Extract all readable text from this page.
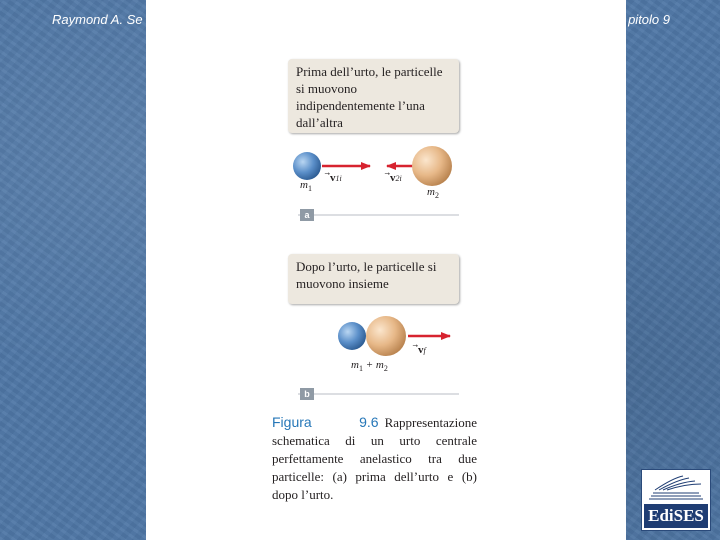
Raymond A. Se	pitolo 9
Prima dell’urto, le particelle si muovono indipendentemente l’una dall’altra
$m_1$
v1i	v2i
$m_2$
a
Dopo l’urto, le particelle si muovono insieme
vf
$m_1 + m_2$
b
Figura 9.6 Rappresentazione schematica di un urto centrale perfettamente anelastico tra due particelle: (a) prima dell’urto e (b) dopo l’urto.
EdiSES
